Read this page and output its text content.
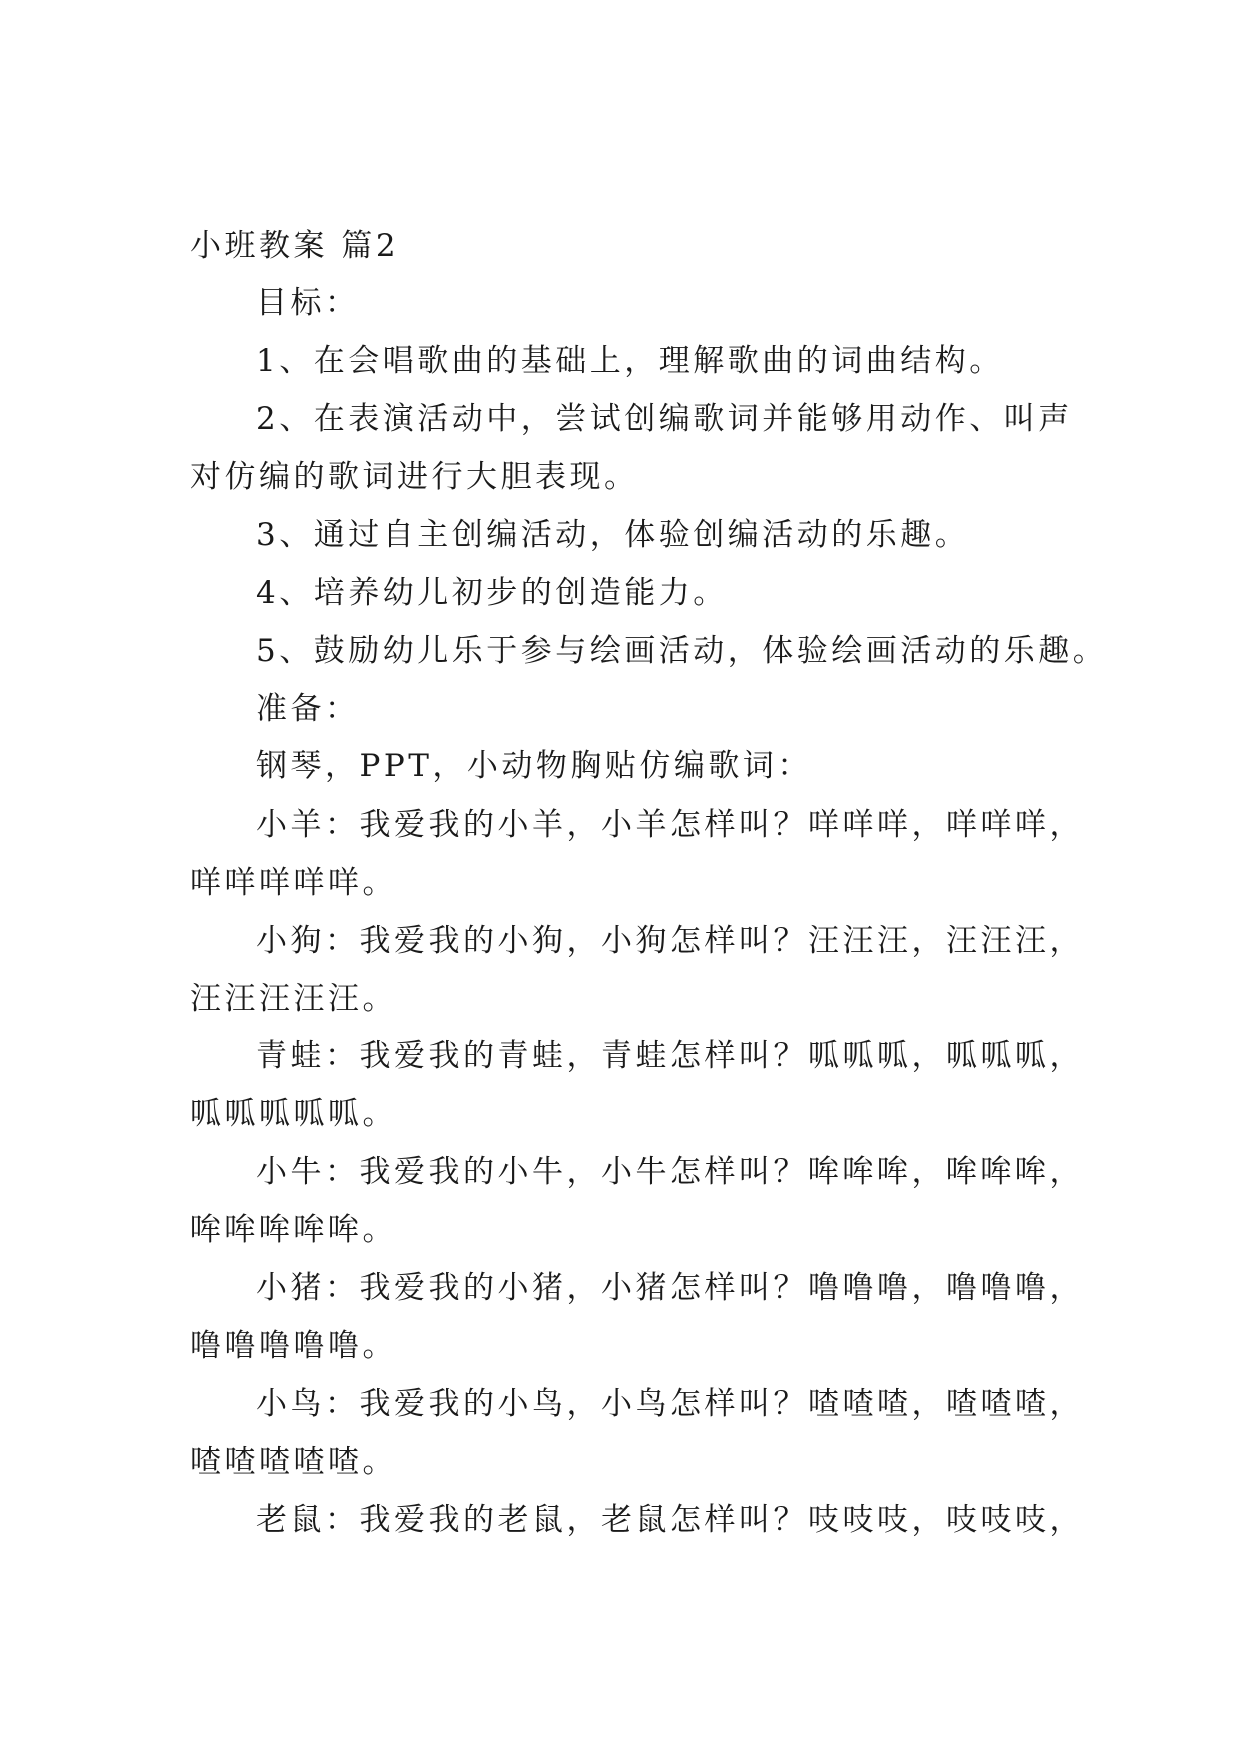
小班教案 篇2
目标：
1、在会唱歌曲的基础上，理解歌曲的词曲结构。
2、在表演活动中，尝试创编歌词并能够用动作、叫声
对仿编的歌词进行大胆表现。
3、通过自主创编活动，体验创编活动的乐趣。
4、培养幼儿初步的创造能力。
5、鼓励幼儿乐于参与绘画活动，体验绘画活动的乐趣。
准备：
钢琴，PPT，小动物胸贴仿编歌词：
小羊：我爱我的小羊，小羊怎样叫？咩咩咩，咩咩咩，
咩咩咩咩咩。
小狗：我爱我的小狗，小狗怎样叫？汪汪汪，汪汪汪，
汪汪汪汪汪。
青蛙：我爱我的青蛙，青蛙怎样叫？呱呱呱，呱呱呱，
呱呱呱呱呱。
小牛：我爱我的小牛，小牛怎样叫？哞哞哞，哞哞哞，
哞哞哞哞哞。
小猪：我爱我的小猪，小猪怎样叫？噜噜噜，噜噜噜，
噜噜噜噜噜。
小鸟：我爱我的小鸟，小鸟怎样叫？喳喳喳，喳喳喳，
喳喳喳喳喳。
老鼠：我爱我的老鼠，老鼠怎样叫？吱吱吱，吱吱吱，
